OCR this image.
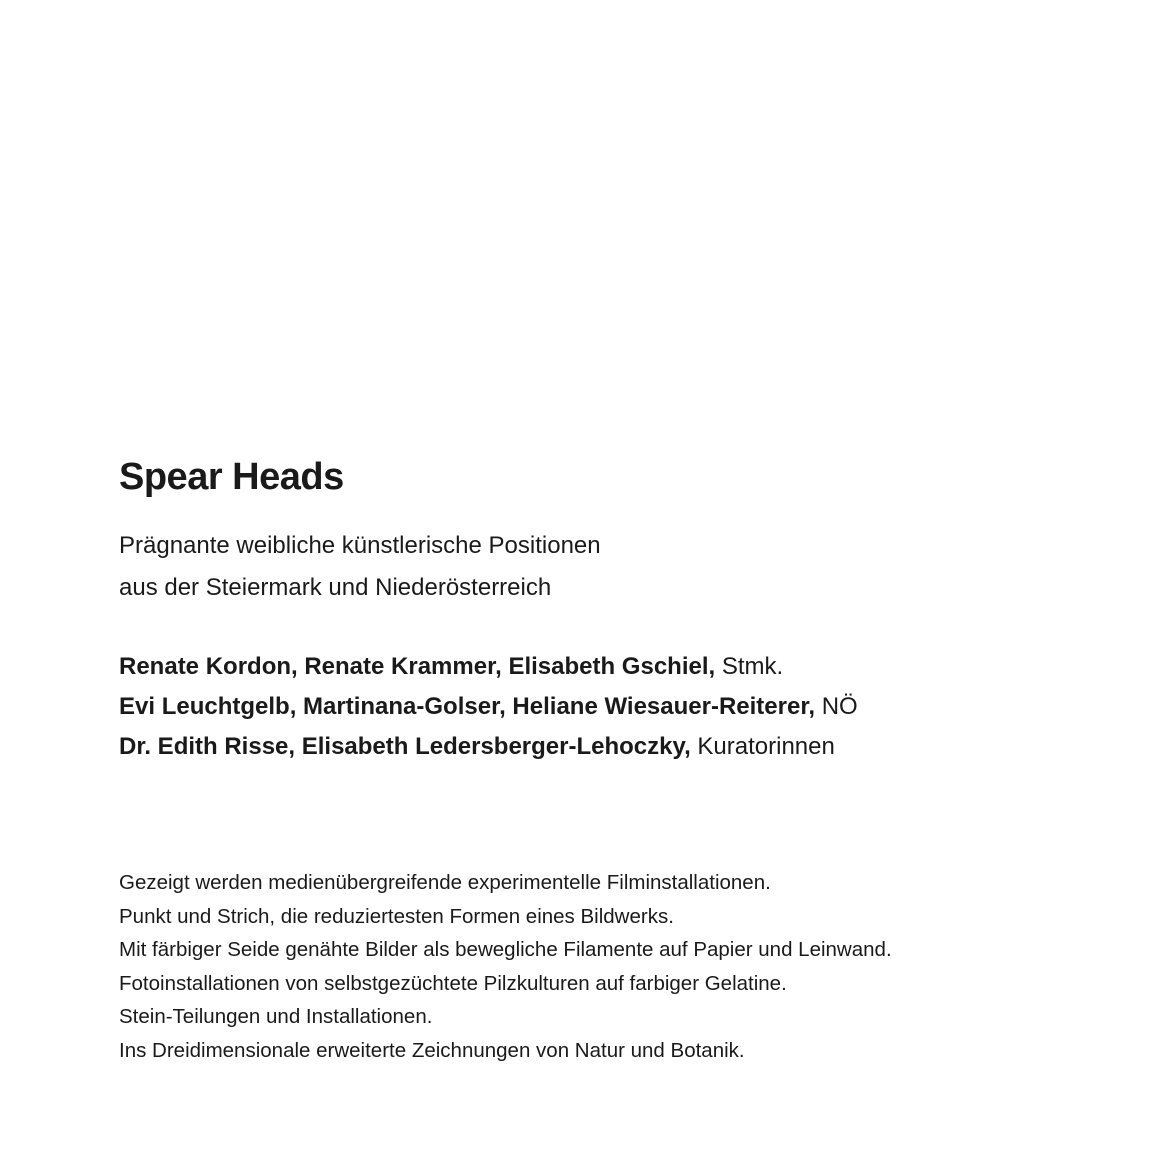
Spear Heads
Prägnante weibliche künstlerische Positionen
aus der Steiermark und Niederösterreich
Renate Kordon, Renate Krammer, Elisabeth Gschiel, Stmk.
Evi Leuchtgelb, Martinana-Golser, Heliane Wiesauer-Reiterer, NÖ
Dr. Edith Risse, Elisabeth Ledersberger-Lehoczky, Kuratorinnen
Gezeigt werden medienübergreifende experimentelle Filminstallationen.
Punkt und Strich, die reduziertesten Formen eines Bildwerks.
Mit färbiger Seide genähte Bilder als bewegliche Filamente auf Papier und Leinwand.
Fotoinstallationen von selbstgezüchtete Pilzkulturen auf farbiger Gelatine.
Stein-Teilungen und Installationen.
Ins Dreidimensionale erweiterte Zeichnungen von Natur und Botanik.
